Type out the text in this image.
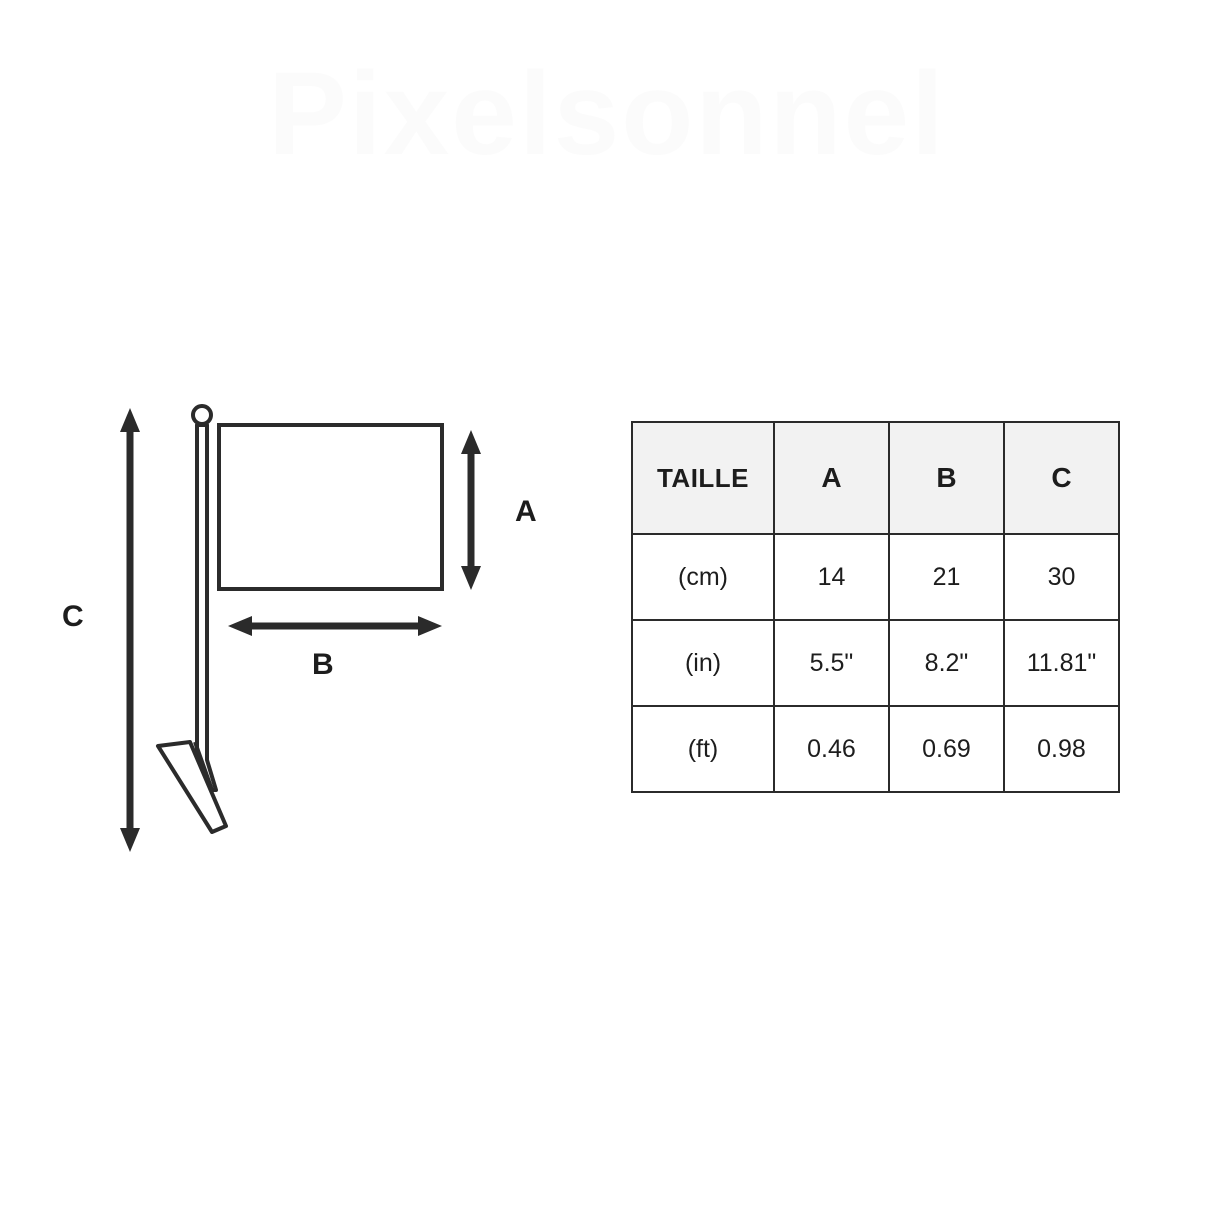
Pixelsonnel
C
A
B
TAILLE	A	B	C
(cm)	14	21	30
(in)	5.5"	8.2"	11.81"
(ft)	0.46	0.69	0.98
